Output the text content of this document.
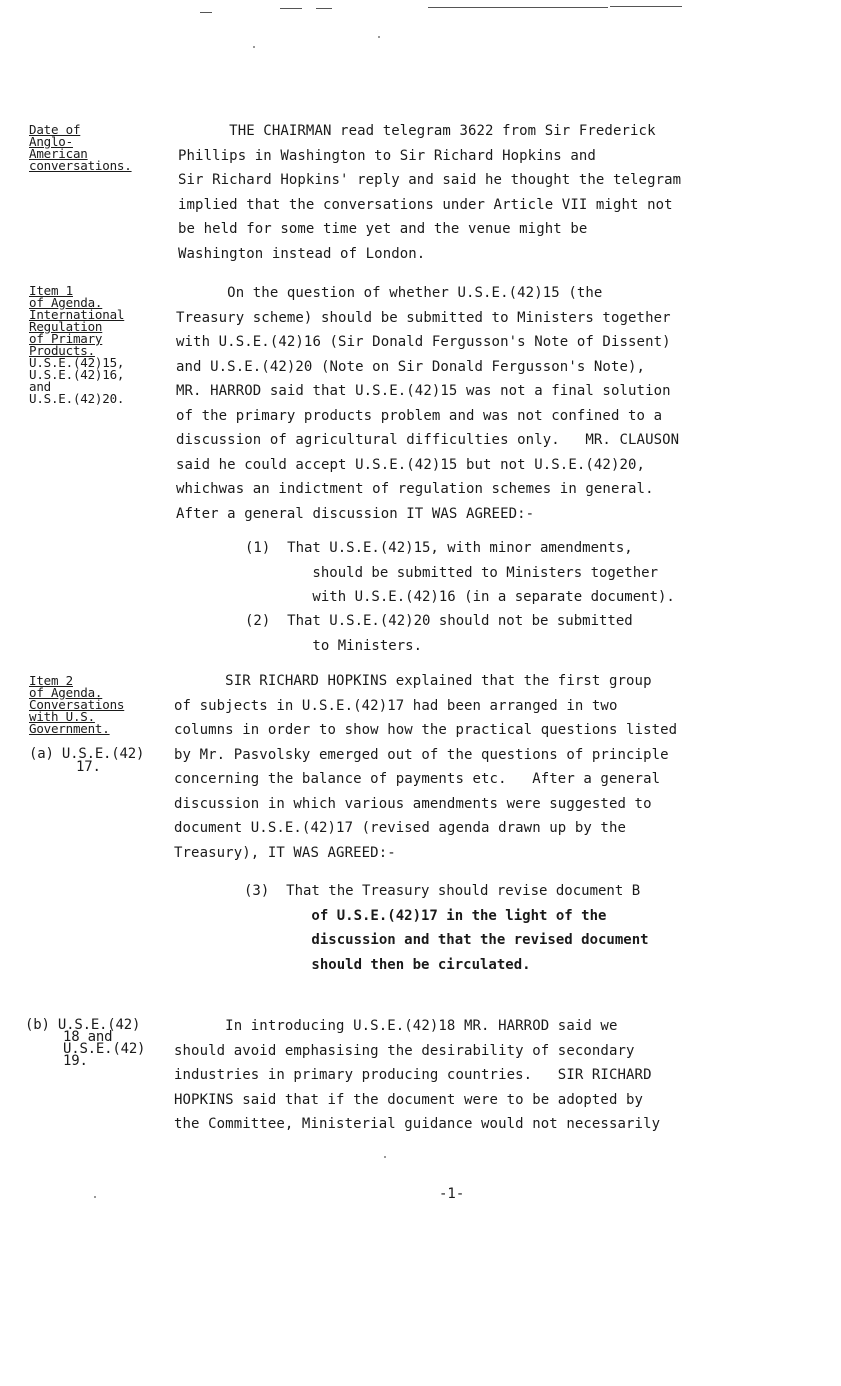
Date of
Anglo-
American
conversations.
THE CHAIRMAN read telegram 3622 from Sir Frederick
Phillips in Washington to Sir Richard Hopkins and
Sir Richard Hopkins' reply and said he thought the telegram
implied that the conversations under Article VII might not
be held for some time yet and the venue might be
Washington instead of London.
Item 1
of Agenda.
International
Regulation
of Primary
Products.
U.S.E.(42)15,
U.S.E.(42)16,
and
U.S.E.(42)20.
On the question of whether U.S.E.(42)15 (the
Treasury scheme) should be submitted to Ministers together
with U.S.E.(42)16 (Sir Donald Fergusson's Note of Dissent)
and U.S.E.(42)20 (Note on Sir Donald Fergusson's Note),
MR. HARROD said that U.S.E.(42)15 was not a final solution
of the primary products problem and was not confined to a
discussion of agricultural difficulties only.   MR. CLAUSON
said he could accept U.S.E.(42)15 but not U.S.E.(42)20,
whichwas an indictment of regulation schemes in general.
After a general discussion IT WAS AGREED:-
(1)  That U.S.E.(42)15, with minor amendments,
should be submitted to Ministers together
with U.S.E.(42)16 (in a separate document).
(2)  That U.S.E.(42)20 should not be submitted
to Ministers.
Item 2
of Agenda.
Conversations
with U.S.
Government.
(a) U.S.E.(42)
17.
SIR RICHARD HOPKINS explained that the first group
of subjects in U.S.E.(42)17 had been arranged in two
columns in order to show how the practical questions listed
by Mr. Pasvolsky emerged out of the questions of principle
concerning the balance of payments etc.   After a general
discussion in which various amendments were suggested to
document U.S.E.(42)17 (revised agenda drawn up by the
Treasury), IT WAS AGREED:-
(3)  That the Treasury should revise document B
of U.S.E.(42)17 in the light of the
discussion and that the revised document
should then be circulated.
(b) U.S.E.(42)
18 and
U.S.E.(42)
19.
In introducing U.S.E.(42)18 MR. HARROD said we
should avoid emphasising the desirability of secondary
industries in primary producing countries.   SIR RICHARD
HOPKINS said that if the document were to be adopted by
the Committee, Ministerial guidance would not necessarily
-1-
